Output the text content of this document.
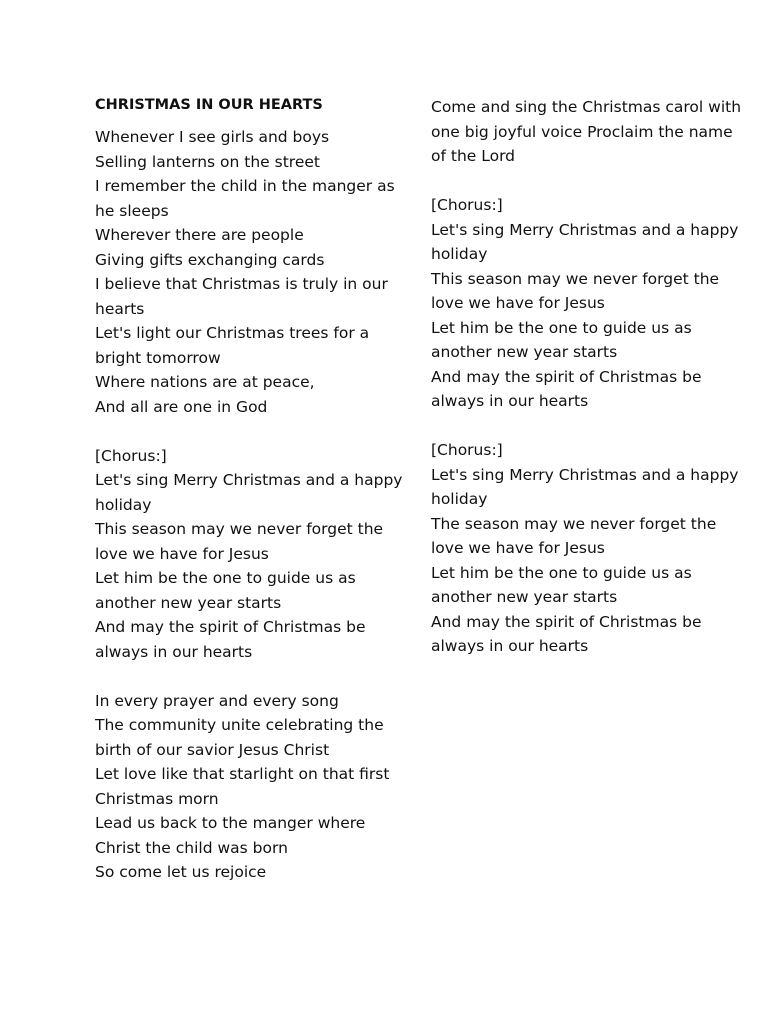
CHRISTMAS IN OUR HEARTS
Whenever I see girls and boys
Selling lanterns on the street
I remember the child in the manger as
he sleeps
Wherever there are people
Giving gifts exchanging cards
I believe that Christmas is truly in our
hearts
Let's light our Christmas trees for a
bright tomorrow
Where nations are at peace,
And all are one in God
[Chorus:]
Let's sing Merry Christmas and a happy
holiday
This season may we never forget the
love we have for Jesus
Let him be the one to guide us as
another new year starts
And may the spirit of Christmas be
always in our hearts
In every prayer and every song
The community unite celebrating the
birth of our savior Jesus Christ
Let love like that starlight on that first
Christmas morn
Lead us back to the manger where
Christ the child was born
So come let us rejoice
Come and sing the Christmas carol with
one big joyful voice Proclaim the name
of the Lord
[Chorus:]
Let's sing Merry Christmas and a happy
holiday
This season may we never forget the
love we have for Jesus
Let him be the one to guide us as
another new year starts
And may the spirit of Christmas be
always in our hearts
[Chorus:]
Let's sing Merry Christmas and a happy
holiday
The season may we never forget the
love we have for Jesus
Let him be the one to guide us as
another new year starts
And may the spirit of Christmas be
always in our hearts
